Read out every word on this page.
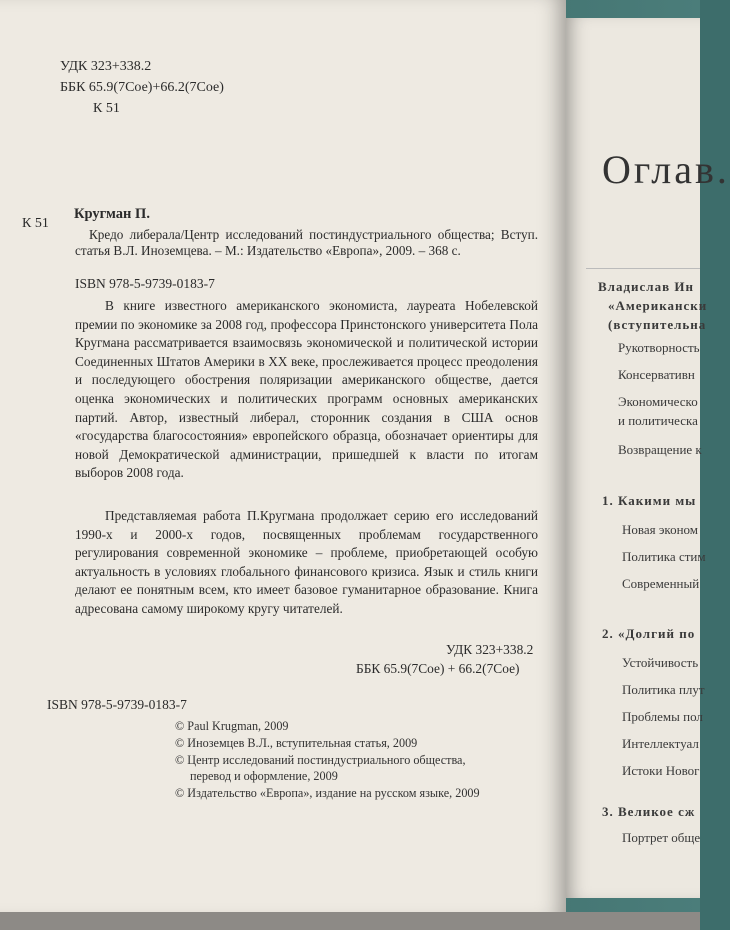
УДК 323+338.2
ББК 65.9(7Сое)+66.2(7Сое)
К 51
К 51
Кругман П.
Кредо либерала/Центр исследований постиндустриального общества; Вступ. статья В.Л. Иноземцева. – М.: Издательство «Европа», 2009. – 368 с.
ISBN 978-5-9739-0183-7
В книге известного американского экономиста, лауреата Нобелевской премии по экономике за 2008 год, профессора Принстонского университета Пола Кругмана рассматривается взаимосвязь экономической и политической истории Соединенных Штатов Америки в XX веке, прослеживается процесс преодоления и последующего обострения поляризации американского обществе, дается оценка экономических и политических программ основных американских партий. Автор, известный либерал, сторонник создания в США основ «государства благосостояния» европейского образца, обозначает ориентиры для новой Демократической администрации, пришедшей к власти по итогам выборов 2008 года.
Представляемая работа П.Кругмана продолжает серию его исследований 1990-х и 2000-х годов, посвященных проблемам государственного регулирования современной экономике – проблеме, приобретающей особую актуальность в условиях глобального финансового кризиса. Язык и стиль книги делают ее понятным всем, кто имеет базовое гуманитарное образование. Книга адресована самому широкому кругу читателей.
УДК 323+338.2
ББК 65.9(7Сое) + 66.2(7Сое)
ISBN 978-5-9739-0183-7
© Paul Krugman, 2009
© Иноземцев В.Л., вступительная статья, 2009
© Центр исследований постиндустриального общества,
перевод и оформление, 2009
© Издательство «Европа», издание на русском языке, 2009
Оглав.
Владислав Ин
«Американски
(вступительна
Рукотворность
Консервативн
Экономическо
и политическа
Возвращение к
1. Какими мы
Новая эконом
Политика стим
Современный
2. «Долгий по
Устойчивость
Политика плут
Проблемы пол
Интеллектуал
Истоки Новог
3. Великое сж
Портрет обще
